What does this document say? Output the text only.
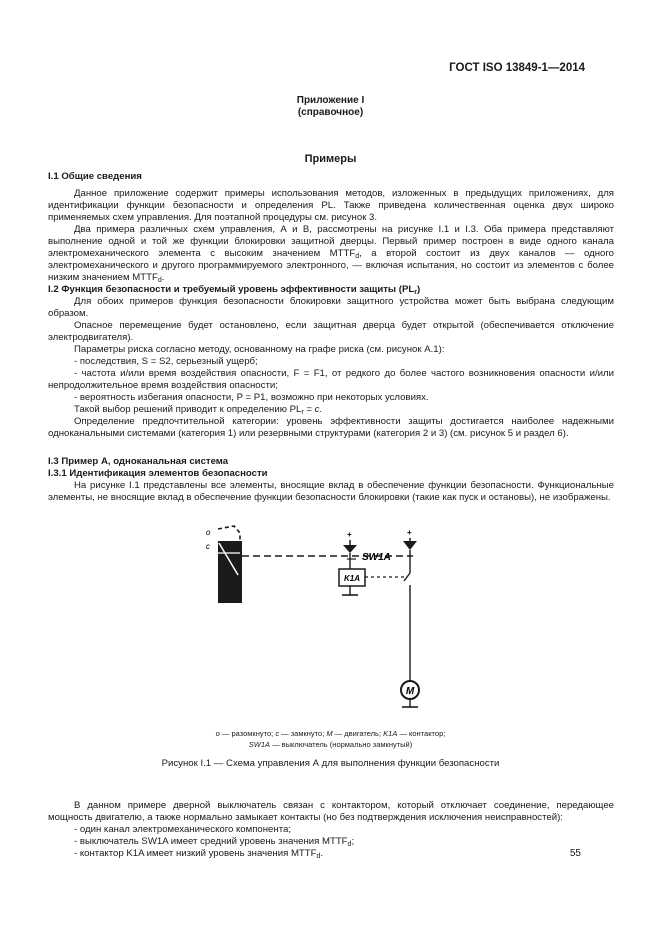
ГОСТ ISO 13849-1—2014
Приложение I
(справочное)
Примеры

I.1 Общие сведения

Данное приложение содержит примеры использования методов, изложенных в предыдущих приложениях, для идентификации функции безопасности и определения PL. Также приведена количественная оценка двух широко применяемых схем управления. Для поэтапной процедуры см. рисунок 3.

Два примера различных схем управления, А и В, рассмотрены на рисунке I.1 и I.3. Оба примера представляют выполнение одной и той же функции блокировки защитной дверцы. Первый пример построен в виде одного канала электромеханического элемента с высоким значением $MTTF_d$, а второй состоит из двух каналов — одного электромеханического и другого программируемого электронного, — включая испытания, но состоит из элементов с более низким значением $MTTF_d$.

I.2 Функция безопасности и требуемый уровень эффективности защиты $(PL_r)$

Для обоих примеров функция безопасности блокировки защитного устройства может быть выбрана следующим образом.

Опасное перемещение будет остановлено, если защитная дверца будет открытой (обеспечивается отключение электродвигателя).

Параметры риска согласно методу, основанному на графе риска (см. рисунок А.1):

- последствия, S = S2, серьезный ущерб;

- частота и/или время воздействия опасности, F = F1, от редкого до более частого возникновения опасности и/или непродолжительное время воздействия опасности;

- вероятность избегания опасности, P = P1, возможно при некоторых условиях.

Такой выбор решений приводит к определению $PL_r = c$.

Определение предпочтительной категории: уровень эффективности защиты достигается наиболее надежными одноканальными системами (категория 1) или резервными структурами (категория 2 и 3) (см. рисунок 5 и раздел 6).

I.3 Пример А, одноканальная система

I.3.1 Идентификация элементов безопасности

На рисунке I.1 представлены все элементы, вносящие вклад в обеспечение функции безопасности. Функциональные элементы, не вносящие вклад в обеспечение функции безопасности блокировки (такие как пуск и остановы), не изображены.

o
c
+
SW1A
K1A
+
M
o — разомкнуто; c — замкнуто; M — двигатель; K1A — контактор;
SW1A — выключатель (нормально замкнутый)
Рисунок I.1 — Схема управления А для выполнения функции безопасности

В данном примере дверной выключатель связан с контактором, который отключает соединение, передающее мощность двигателю, а также нормально замыкает контакты (но без подтверждения исключения неисправностей):

- один канал электромеханического компонента;

- выключатель SW1A имеет средний уровень значения $MTTF_d$;

- контактор K1A имеет низкий уровень значения $MTTF_d$.	55
